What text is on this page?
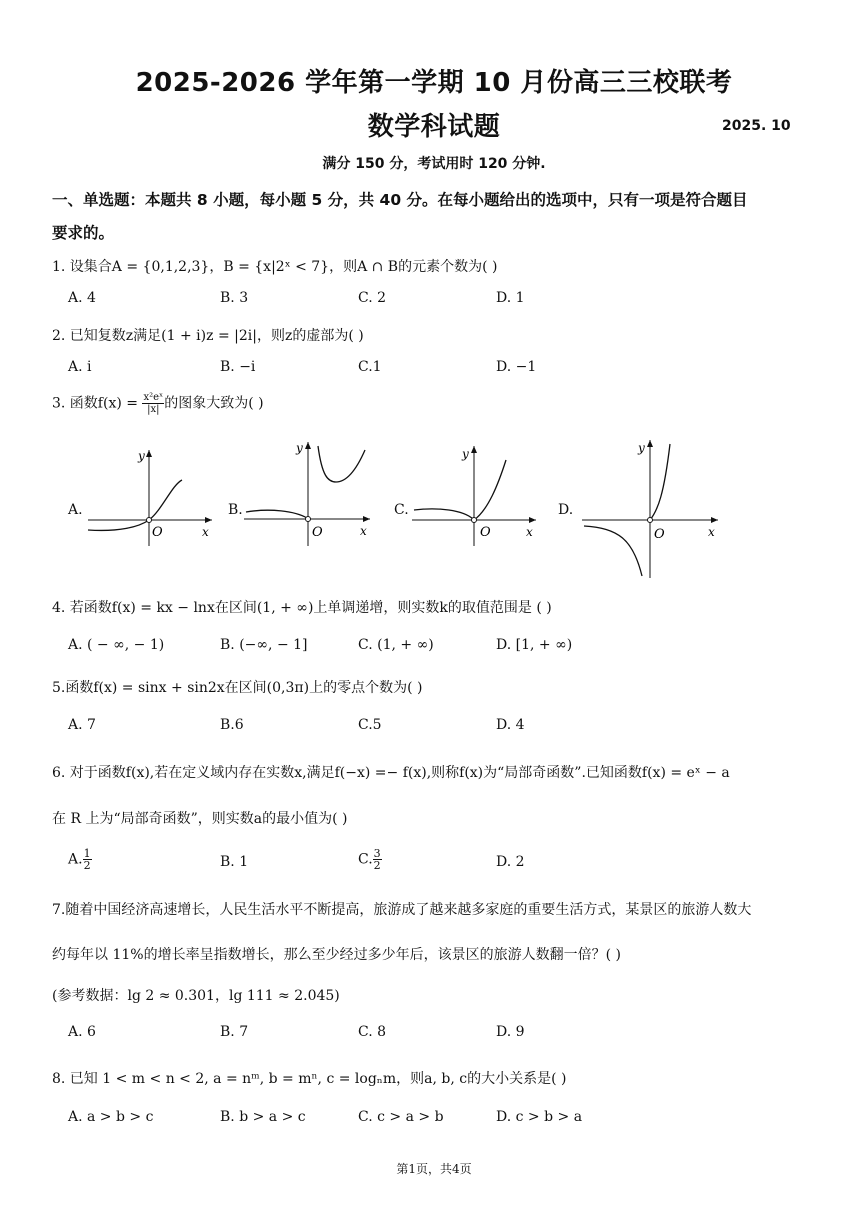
2025-2026 学年第一学期 10 月份高三三校联考
数学科试题	2025. 10
满分 150 分，考试用时 120 分钟.
一、单选题：本题共 8 小题，每小题 5 分，共 40 分。在每小题给出的选项中，只有一项是符合题目
要求的。
1. 设集合A = {0,1,2,3}，B = {x|2ˣ < 7}，则A ∩ B的元素个数为( )
A. 4	B. 3	C. 2	D. 1
2. 已知复数z满足(1 + i)z = |2i|，则z的虚部为( )
A. i	B. −i	C.1	D. −1
3. 函数$f(x) = \frac{\text{x²eˣ}}{|x|}$ 的图象大致为( )
A.	B.	C.	D.
y
x
O
y
x
O
y
x
O
y
x
O
4. 若函数f(x) = kx − lnx在区间(1, + ∞)上单调递增，则实数k的取值范围是 ( )
A. ( − ∞, − 1)	B. (−∞, − 1]	C. (1, + ∞)	D. [1, + ∞)
5.函数f(x) = sinx + sin2x在区间(0,3π)上的零点个数为( )
A. 7	B.6	C.5	D. 4
6. 对于函数f(x),若在定义域内存在实数x,满足f(−x) =− f(x),则称f(x)为“局部奇函数”.已知函数f(x) = eˣ − a
在 R 上为“局部奇函数”，则实数a的最小值为( )
A. $\frac{1}{2}$	B. 1	C. $\frac{3}{2}$	D. 2
7.随着中国经济高速增长，人民生活水平不断提高，旅游成了越来越多家庭的重要生活方式，某景区的旅游人数大
约每年以 11%的增长率呈指数增长，那么至少经过多少年后，该景区的旅游人数翻一倍？( )
(参考数据：lg 2 ≈ 0.301，lg 111 ≈ 2.045)
A. 6	B. 7	C. 8	D. 9
8. 已知 1 < m < n < 2, a = nᵐ, b = mⁿ, c = logₙm，则a, b, c的大小关系是( )
A. a > b > c	B. b > a > c	C. c > a > b	D. c > b > a
第1页，共4页
